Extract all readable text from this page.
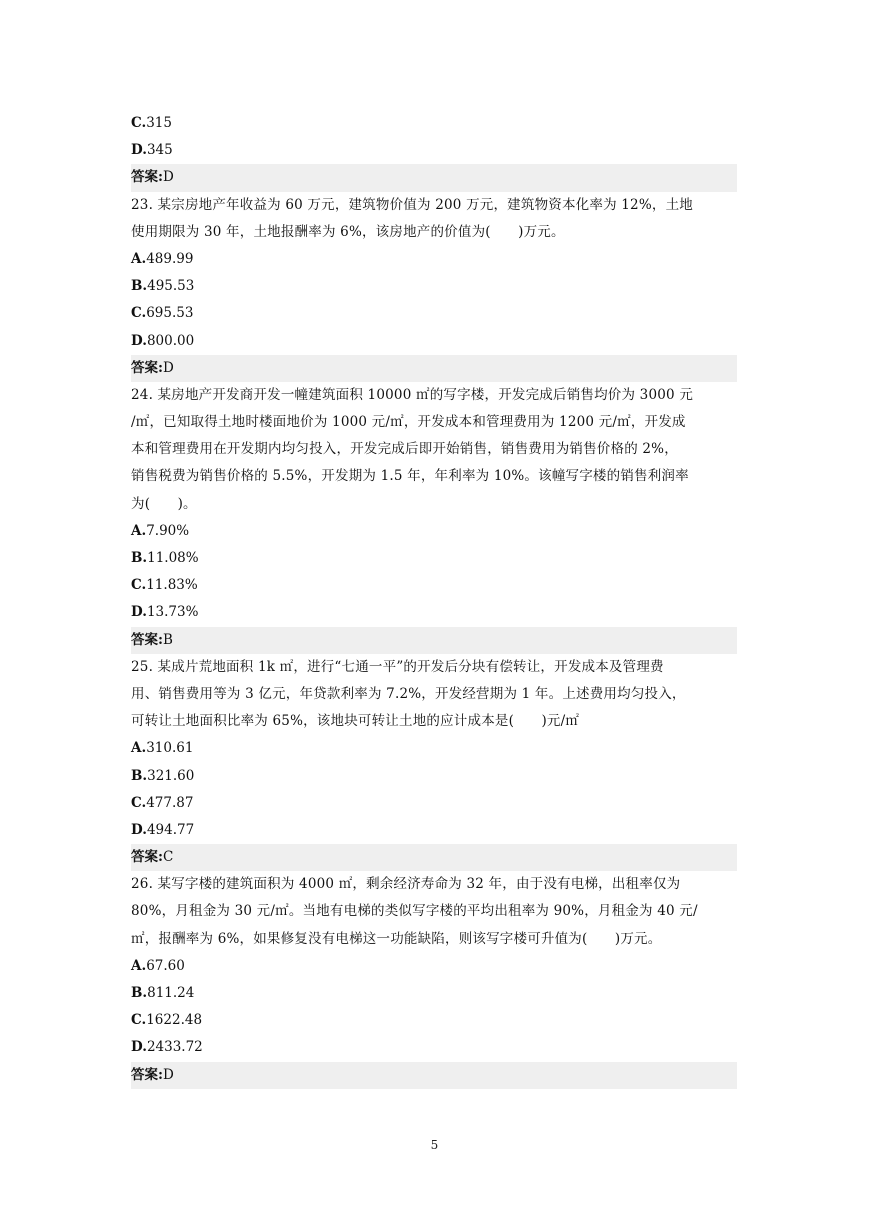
C.315
D.345
答案:D
23. 某宗房地产年收益为 60 万元，建筑物价值为 200 万元，建筑物资本化率为 12%，土地
使用期限为 30 年，土地报酬率为 6%，该房地产的价值为(　　)万元。
A.489.99
B.495.53
C.695.53
D.800.00
答案:D
24. 某房地产开发商开发一幢建筑面积 10000 ㎡的写字楼，开发完成后销售均价为 3000 元
/㎡，已知取得土地时楼面地价为 1000 元/㎡，开发成本和管理费用为 1200 元/㎡，开发成
本和管理费用在开发期内均匀投入，开发完成后即开始销售，销售费用为销售价格的 2%，
销售税费为销售价格的 5.5%，开发期为 1.5 年，年利率为 10%。该幢写字楼的销售利润率
为(　　)。
A.7.90%
B.11.08%
C.11.83%
D.13.73%
答案:B
25. 某成片荒地面积 1k ㎡，进行“七通一平”的开发后分块有偿转让，开发成本及管理费
用、销售费用等为 3 亿元，年贷款利率为 7.2%，开发经营期为 1 年。上述费用均匀投入，
可转让土地面积比率为 65%，该地块可转让土地的应计成本是(　　)元/㎡
A.310.61
B.321.60
C.477.87
D.494.77
答案:C
26. 某写字楼的建筑面积为 4000 ㎡，剩余经济寿命为 32 年，由于没有电梯，出租率仅为
80%，月租金为 30 元/㎡。当地有电梯的类似写字楼的平均出租率为 90%，月租金为 40 元/
㎡，报酬率为 6%，如果修复没有电梯这一功能缺陷，则该写字楼可升值为(　　)万元。
A.67.60
B.811.24
C.1622.48
D.2433.72
答案:D
5
